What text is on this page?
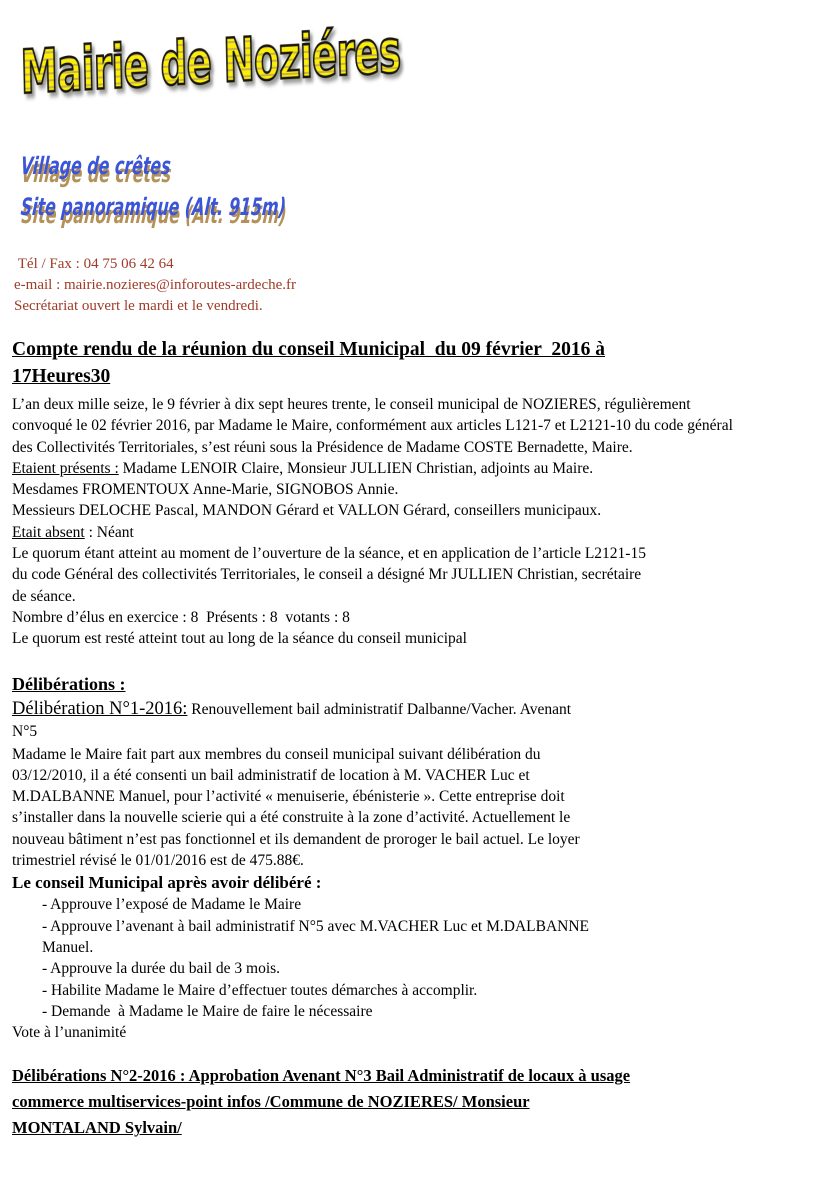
Mairie de Noziéres
Village de crêtes
Site panoramique (Alt. 915m)
Tél / Fax : 04 75 06 42 64
e-mail : mairie.nozieres@inforoutes-ardeche.fr
Secrétariat ouvert le mardi et le vendredi.
Compte rendu de la réunion du conseil Municipal  du 09 février  2016 à
17Heures30
L’an deux mille seize, le 9 février à dix sept heures trente, le conseil municipal de NOZIERES, régulièrement
convoqué le 02 février 2016, par Madame le Maire, conformément aux articles L121-7 et L2121-10 du code général
des Collectivités Territoriales, s’est réuni sous la Présidence de Madame COSTE Bernadette, Maire.
Etaient présents : Madame LENOIR Claire, Monsieur JULLIEN Christian, adjoints au Maire.
Mesdames FROMENTOUX Anne-Marie, SIGNOBOS Annie.
Messieurs DELOCHE Pascal, MANDON Gérard et VALLON Gérard, conseillers municipaux.
Etait absent : Néant
Le quorum étant atteint au moment de l’ouverture de la séance, et en application de l’article L2121-15
du code Général des collectivités Territoriales, le conseil a désigné Mr JULLIEN Christian, secrétaire
de séance.
Nombre d’élus en exercice : 8  Présents : 8  votants : 8
Le quorum est resté atteint tout au long de la séance du conseil municipal
Délibérations :
Délibération N°1-2016: Renouvellement bail administratif Dalbanne/Vacher. Avenant
N°5
Madame le Maire fait part aux membres du conseil municipal suivant délibération du
03/12/2010, il a été consenti un bail administratif de location à M. VACHER Luc et
M.DALBANNE Manuel, pour l’activité « menuiserie, ébénisterie ». Cette entreprise doit
s’installer dans la nouvelle scierie qui a été construite à la zone d’activité. Actuellement le
nouveau bâtiment n’est pas fonctionnel et ils demandent de proroger le bail actuel. Le loyer
trimestriel révisé le 01/01/2016 est de 475.88€.
Le conseil Municipal après avoir délibéré :
- Approuve l’exposé de Madame le Maire
- Approuve l’avenant à bail administratif N°5 avec M.VACHER Luc et M.DALBANNE
Manuel.
- Approuve la durée du bail de 3 mois.
- Habilite Madame le Maire d’effectuer toutes démarches à accomplir.
- Demande  à Madame le Maire de faire le nécessaire
Vote à l’unanimité
Délibérations N°2-2016 : Approbation Avenant N°3 Bail Administratif de locaux à usage
commerce multiservices-point infos /Commune de NOZIERES/ Monsieur
MONTALAND Sylvain/
